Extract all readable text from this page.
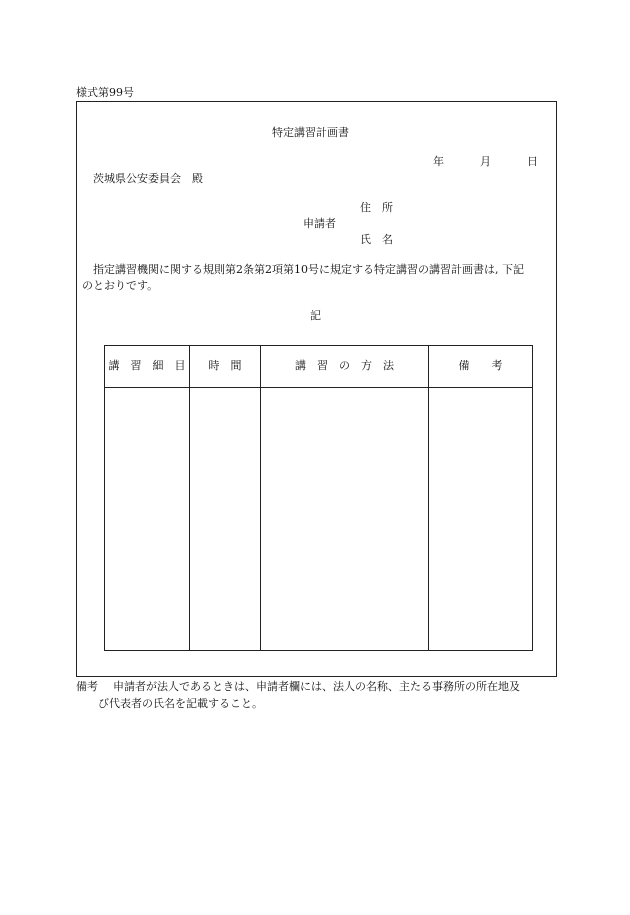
様式第99号
特定講習計画書
年	月	日
茨城県公安委員会　殿
住　所
申請者
氏　名
指定講習機関に関する規則第2条第2項第10号に規定する特定講習の講習計画書は, 下記
のとおりです。
記
講　習　細　目	時　間	講　習　の　方　法	備　　考
備考 申請者が法人であるときは、申請者欄には、法人の名称、主たる事務所の所在地及
び代表者の氏名を記載すること。
